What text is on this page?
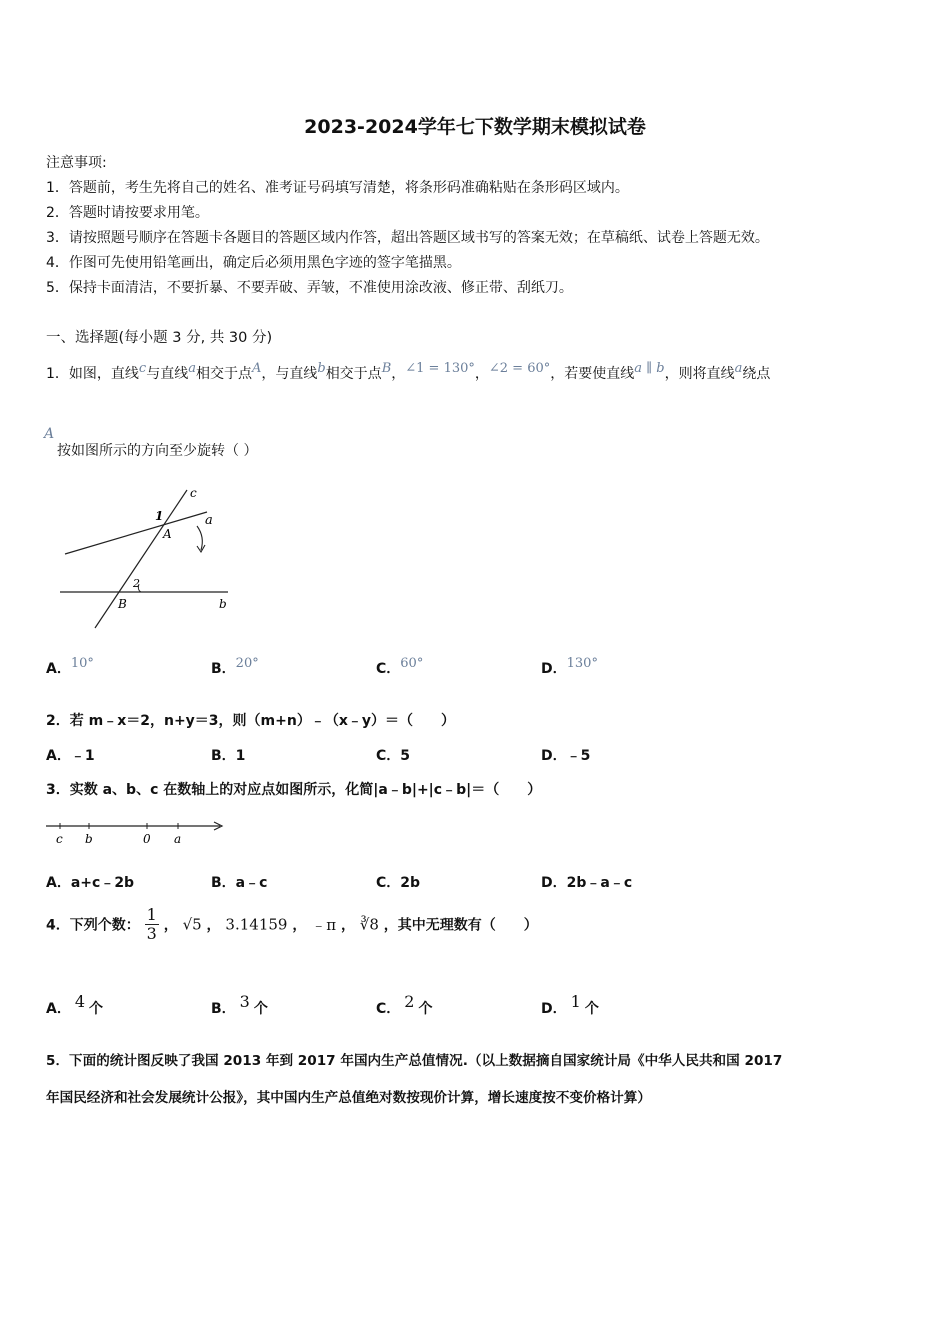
2023-2024学年七下数学期末模拟试卷
注意事项:
1．答题前，考生先将自己的姓名、准考证号码填写清楚，将条形码准确粘贴在条形码区域内。
2．答题时请按要求用笔。
3．请按照题号顺序在答题卡各题目的答题区域内作答，超出答题区域书写的答案无效；在草稿纸、试卷上答题无效。
4．作图可先使用铅笔画出，确定后必须用黑色字迹的签字笔描黑。
5．保持卡面清洁，不要折暴、不要弄破、弄皱，不准使用涂改液、修正带、刮纸刀。
一、选择题(每小题 3 分, 共 30 分)
1．如图，直线c与直线a相交于点A，与直线b相交于点B，∠1 = 130°，∠2 = 60°，若要使直线a ∥ b，则将直线a绕点
A
按如图所示的方向至少旋转（ ）
c
1	a
A
2
B	b
A．$^{10^\circ}$	B．$^{20^\circ}$	C．$^{60^\circ}$	D．$^{130^\circ}$
2．若 m﹣x＝2，n+y＝3，则（m+n）﹣（x﹣y）＝（　　）
A．﹣1	B．1	C．5	D．﹣5
3．实数 a、b、c 在数轴上的对应点如图所示，化简|a﹣b|+|c﹣b|＝（　　）
c b	0 a
A．a+c﹣2b	B．a﹣c	C．2b	D．2b﹣a﹣c
4．下列个数： $\frac{1}{3}$ ， √5 ， 3.14159 ， ﹣π ， ∛8 ，其中无理数有（　　）
A． 4 个	B． 3 个	C． 2 个	D． 1 个
5．下面的统计图反映了我国 2013 年到 2017 年国内生产总值情况.（以上数据摘自国家统计局《中华人民共和国 2017
年国民经济和社会发展统计公报》，其中国内生产总值绝对数按现价计算，增长速度按不变价格计算）
